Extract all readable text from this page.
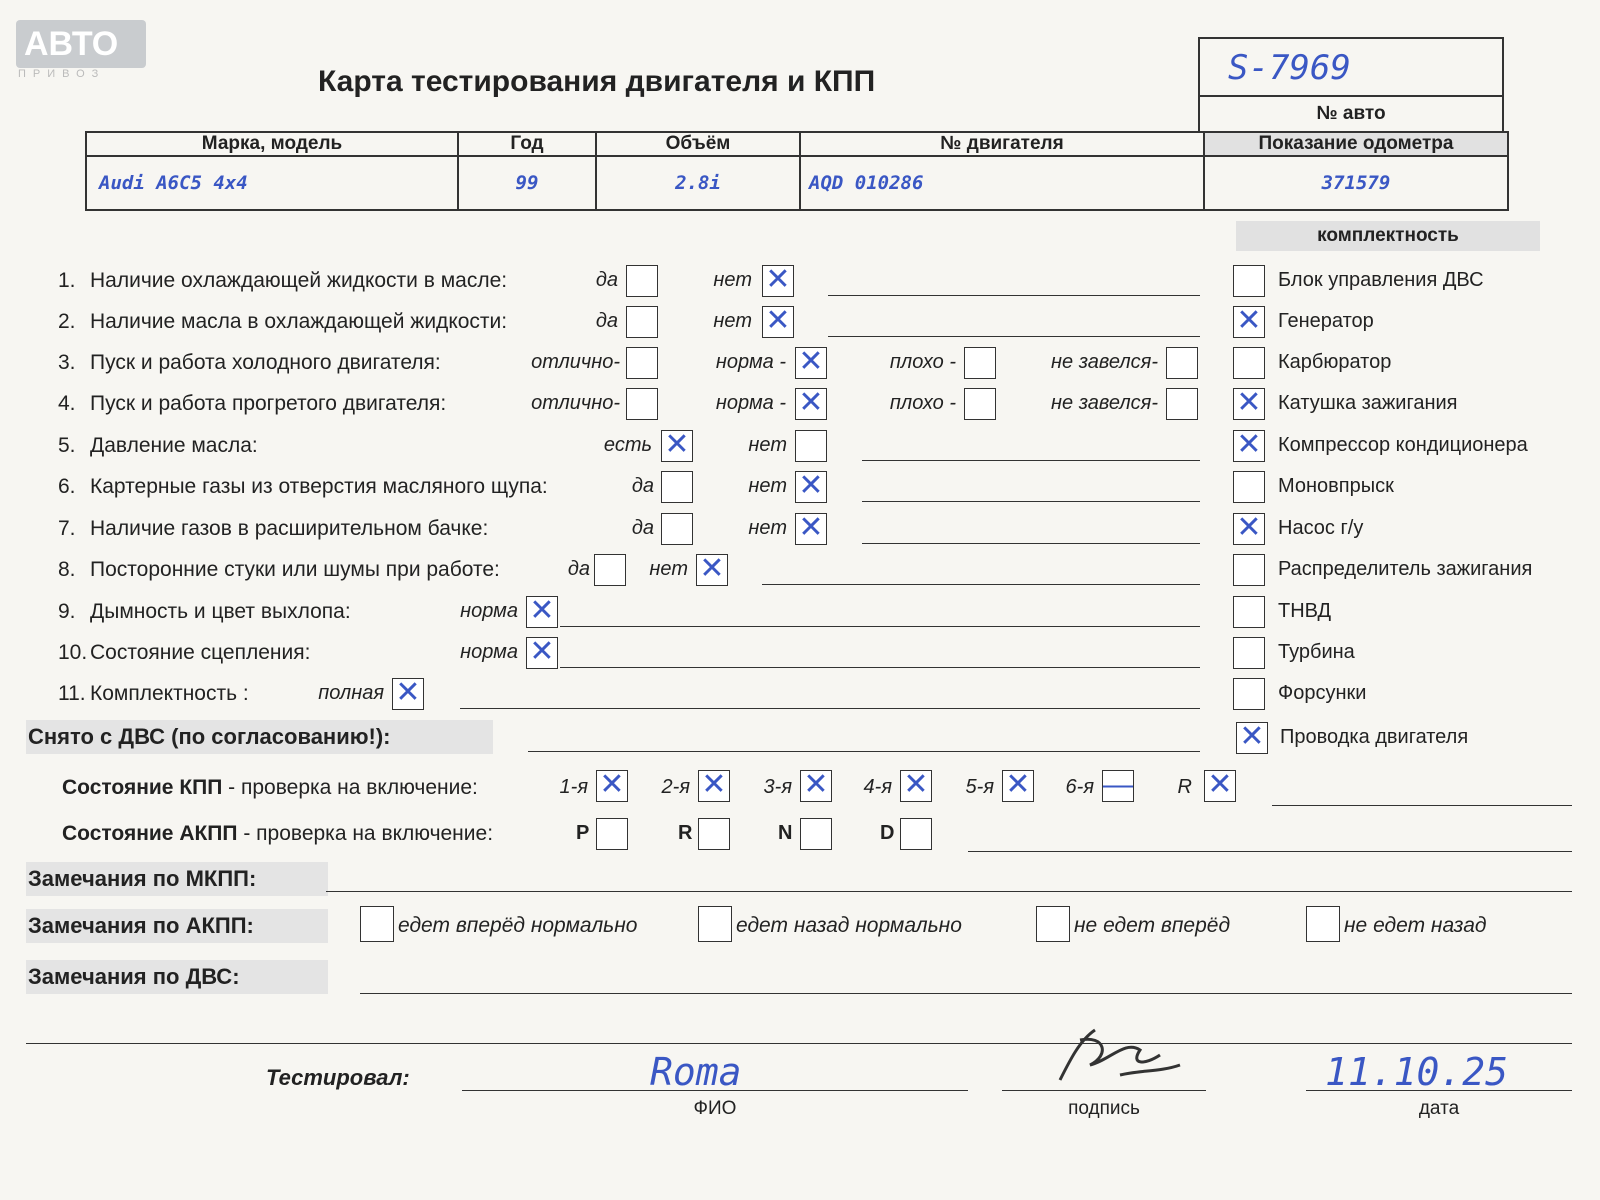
АВТО
ПРИВОЗ	Карта тестирования двигателя и КПП	S-7969
№ авто
Марка, модель	Год	Объём	№ двигателя	Показание одометра
Audi A6C5 4x4	99	2.8i	AQD 010286	371579
комплектность
Блок управления ДВС
✕ Генератор
Карбюратор
✕ Катушка зажигания
✕ Компрессор кондиционера
Моновпрыск
✕ Насос г/у
Распределитель зажигания
ТНВД
Турбина
Форсунки
✕ Проводка двигателя
1. Наличие охлаждающей жидкости в масле:	да	нет ✕
2. Наличие масла в охлаждающей жидкости:	да	нет ✕
3. Пуск и работа холодного двигателя:	отлично-	норма - ✕	плохо -	не завелся-
4. Пуск и работа прогретого двигателя:	отлично-	норма - ✕	плохо -	не завелся-
5. Давление масла:	есть ✕	нет
6. Картерные газы из отверстия масляного щупа:	да	нет ✕
7. Наличие газов в расширительном бачке:	да	нет ✕
8. Посторонние стуки или шумы при работе:	да	нет ✕
9. Дымность и цвет выхлопа:	норма ✕
10. Состояние сцепления:	норма ✕
11. Комплектность :	полная ✕
Снято с ДВС (по согласованию!):
Состояние КПП - проверка на включение:	1-я ✕	2-я ✕	3-я ✕	4-я ✕	5-я ✕	6-я —	R ✕
Состояние АКПП - проверка на включение:	P	R	N	D
Замечания по МКПП:
Замечания по АКПП:	едет вперёд нормально	едет назад нормально	не едет вперёд	не едет назад
Замечания по ДВС:
Тестировал:	Roma
ФИО	подпись
11.10.25
дата
